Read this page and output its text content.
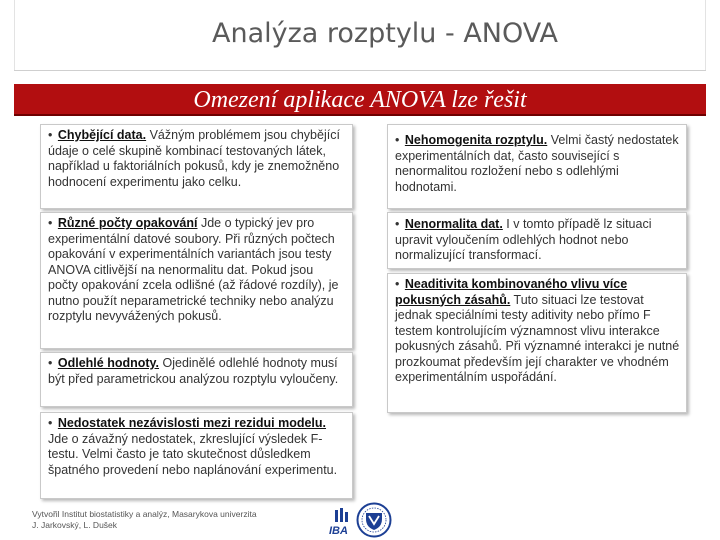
Analýza rozptylu - ANOVA
Omezení aplikace ANOVA lze řešit
• Chybějící data. Vážným problémem jsou chybějící údaje o celé skupině kombinací testovaných látek, například u faktoriálních pokusů, kdy je znemožněno hodnocení experimentu jako celku.
• Různé počty opakování Jde o typický jev pro experimentální datové soubory. Při různých počtech opakování v experimentálních variantách jsou testy ANOVA citlivější na nenormalitu dat. Pokud jsou počty opakování zcela odlišné (až řádové rozdíly), je nutno použít neparametrické techniky nebo analýzu rozptylu nevyvážených pokusů.
• Odlehlé hodnoty. Ojedinělé odlehlé hodnoty musí být před parametrickou analýzou rozptylu vyloučeny.
• Nedostatek nezávislosti mezi rezidui modelu. Jde o závažný nedostatek, zkreslující výsledek F-testu. Velmi často je tato skutečnost důsledkem špatného provedení nebo naplánování experimentu.
• Nehomogenita rozptylu. Velmi častý nedostatek experimentálních dat, často související s nenormalitou rozložení nebo s odlehlými hodnotami.
• Nenormalita dat. I v tomto případě lz situaci upravit vyloučením odlehlých hodnot nebo normalizující transformací.
• Neaditivita kombinovaného vlivu více pokusných zásahů. Tuto situaci lze testovat jednak speciálními testy aditivity nebo přímo F testem kontrolujícím významnost vlivu interakce pokusných zásahů. Při významné interakci je nutné prozkoumat především její charakter ve vhodném experimentálním uspořádání.
Vytvořil Institut biostatistiky a analýz, Masarykova univerzita
J. Jarkovský, L. Dušek	IBA
